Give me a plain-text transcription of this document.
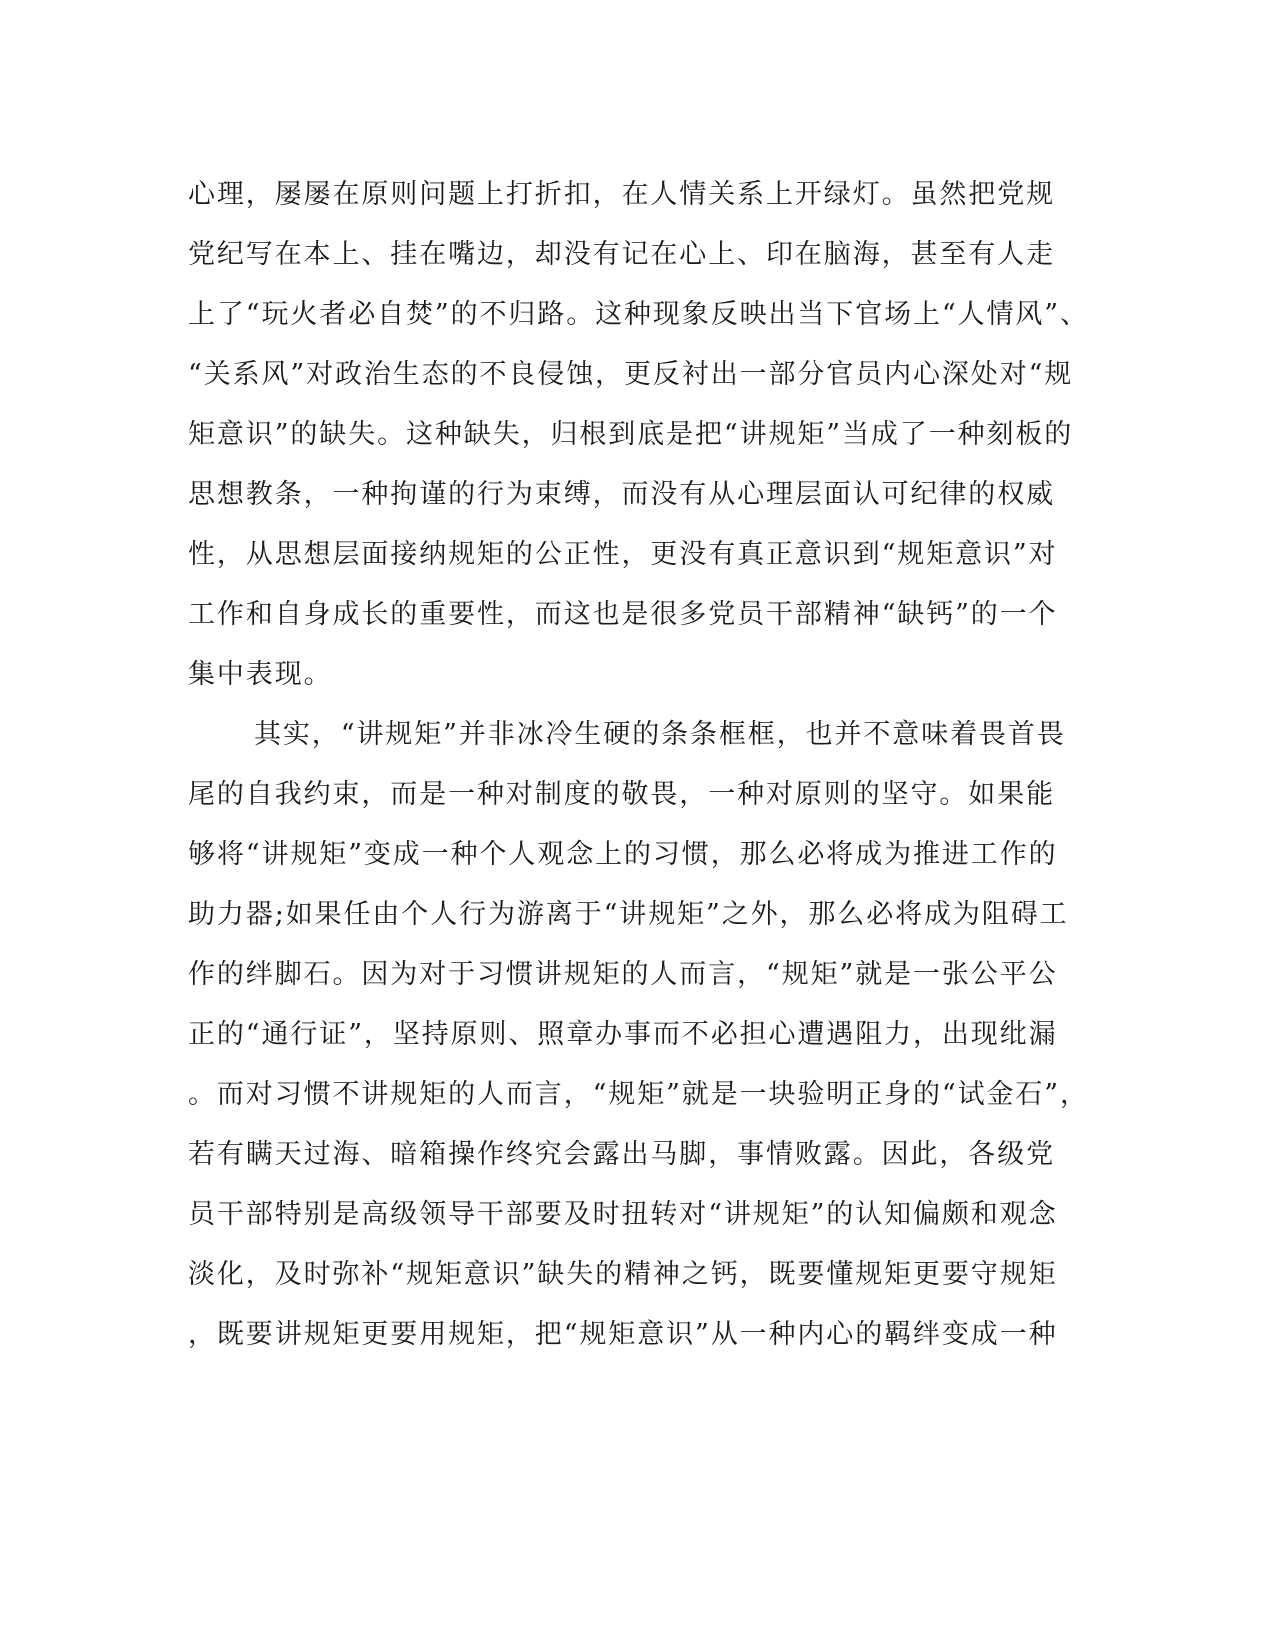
心理，屡屡在原则问题上打折扣，在人情关系上开绿灯。虽然把党规
党纪写在本上、挂在嘴边，却没有记在心上、印在脑海，甚至有人走
上了“玩火者必自焚”的不归路。这种现象反映出当下官场上“人情风”、
“关系风”对政治生态的不良侵蚀，更反衬出一部分官员内心深处对“规
矩意识”的缺失。这种缺失，归根到底是把“讲规矩”当成了一种刻板的
思想教条，一种拘谨的行为束缚，而没有从心理层面认可纪律的权威
性，从思想层面接纳规矩的公正性，更没有真正意识到“规矩意识”对
工作和自身成长的重要性，而这也是很多党员干部精神“缺钙”的一个
集中表现。
其实，“讲规矩”并非冰冷生硬的条条框框，也并不意味着畏首畏
尾的自我约束，而是一种对制度的敬畏，一种对原则的坚守。如果能
够将“讲规矩”变成一种个人观念上的习惯，那么必将成为推进工作的
助力器;如果任由个人行为游离于“讲规矩”之外，那么必将成为阻碍工
作的绊脚石。因为对于习惯讲规矩的人而言，“规矩”就是一张公平公
正的“通行证”，坚持原则、照章办事而不必担心遭遇阻力，出现纰漏
。而对习惯不讲规矩的人而言，“规矩”就是一块验明正身的“试金石”，
若有瞒天过海、暗箱操作终究会露出马脚，事情败露。因此，各级党
员干部特别是高级领导干部要及时扭转对“讲规矩”的认知偏颇和观念
淡化，及时弥补“规矩意识”缺失的精神之钙，既要懂规矩更要守规矩
，既要讲规矩更要用规矩，把“规矩意识”从一种内心的羁绊变成一种
